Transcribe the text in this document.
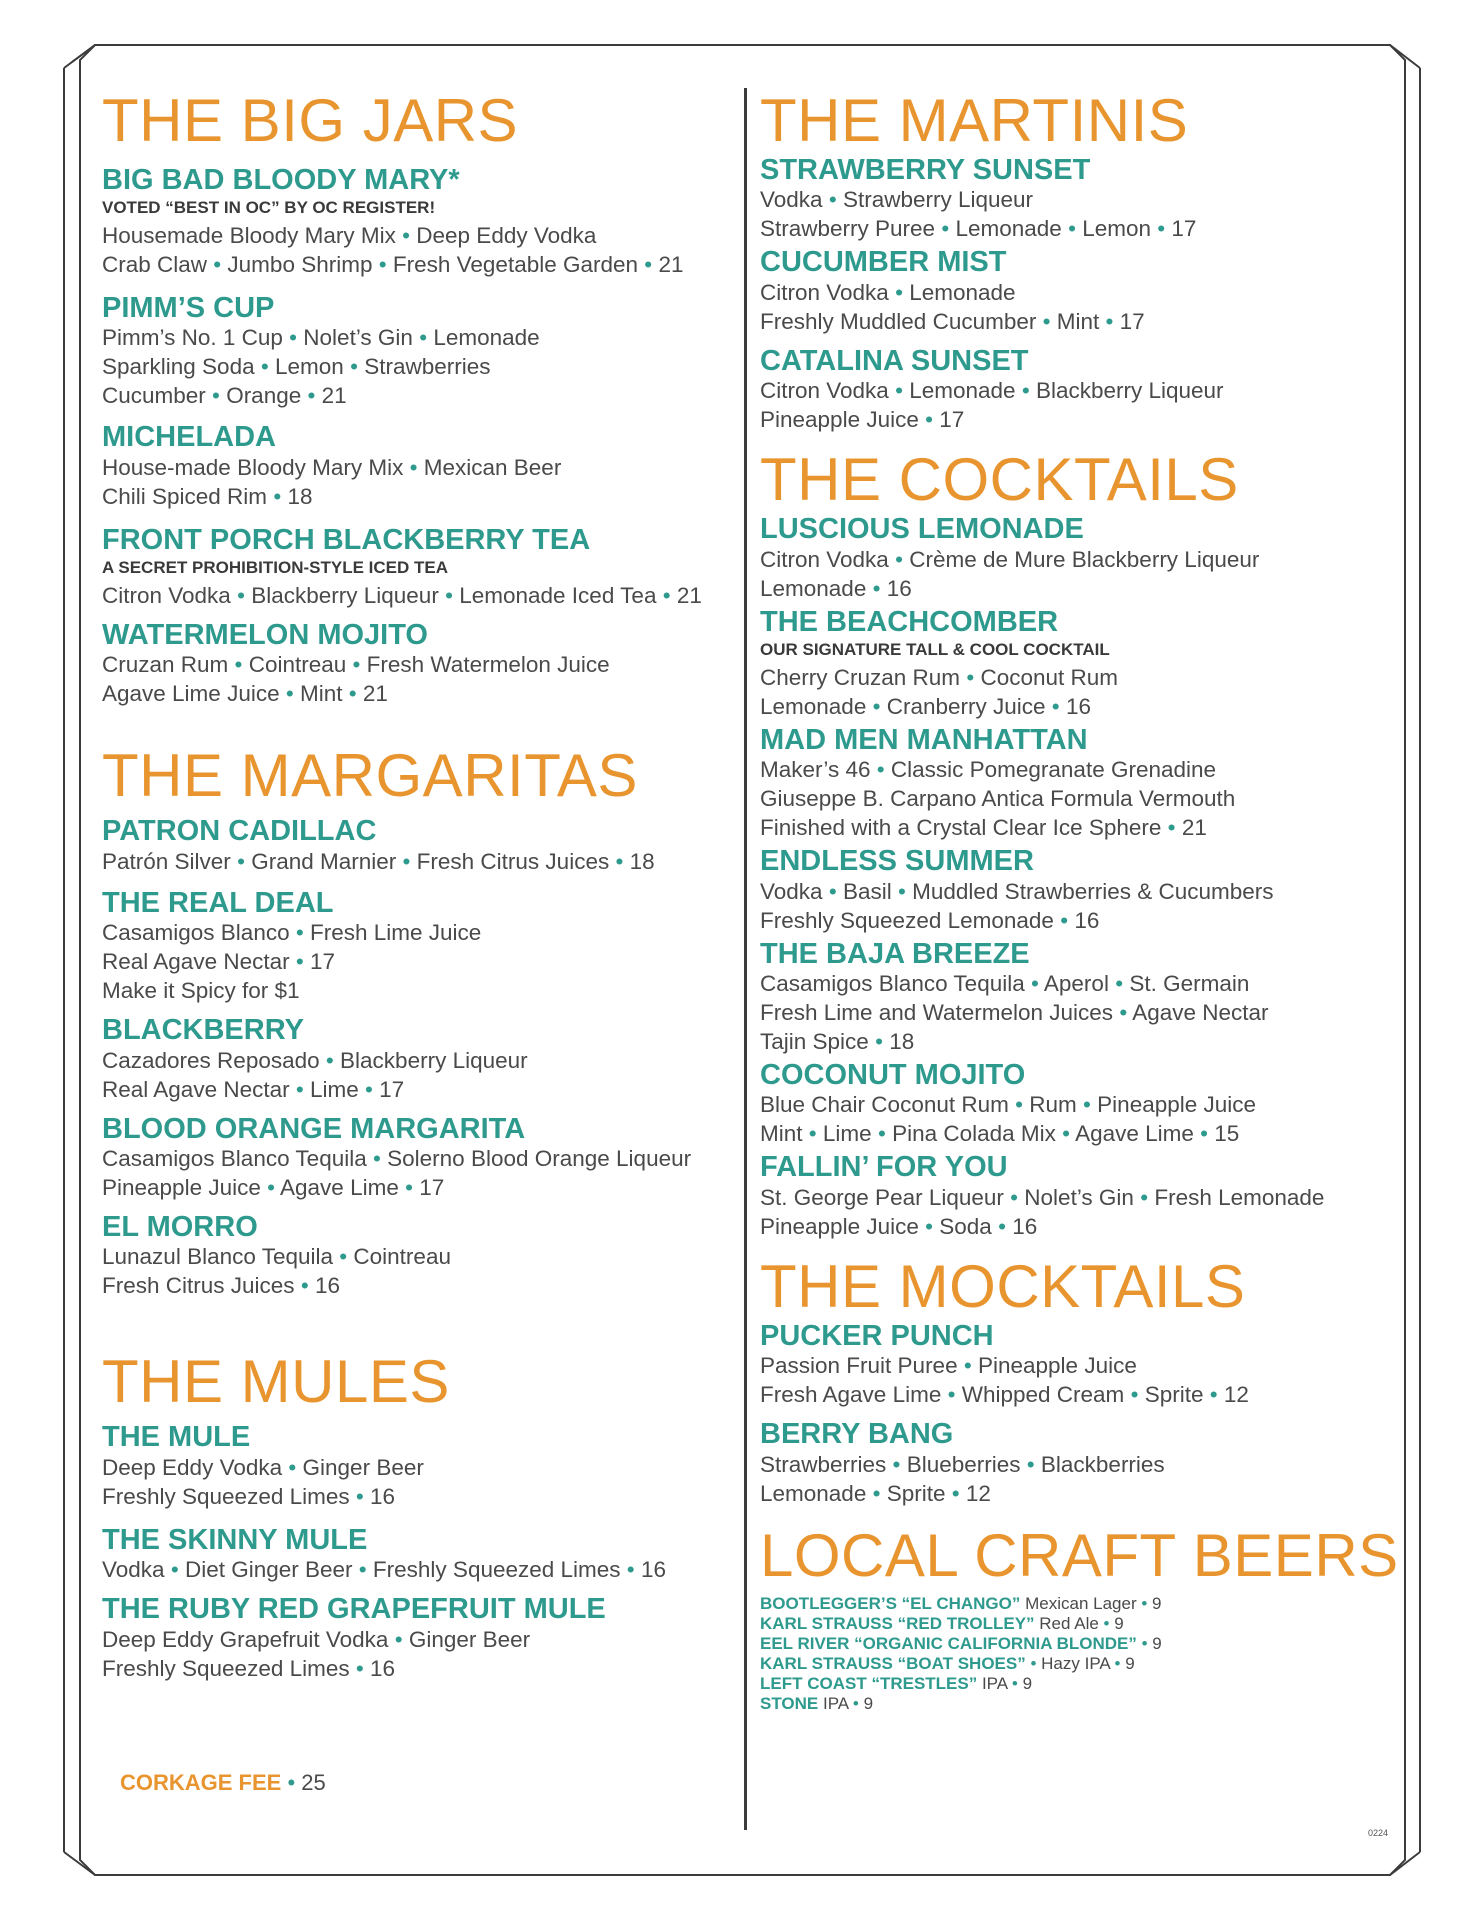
THE BIG JARS
BIG BAD BLOODY MARY*

VOTED “BEST IN OC” BY OC REGISTER!

Housemade Bloody Mary Mix • Deep Eddy Vodka

Crab Claw • Jumbo Shrimp • Fresh Vegetable Garden • 21

PIMM’S CUP

Pimm’s No. 1 Cup • Nolet’s Gin • Lemonade

Sparkling Soda • Lemon • Strawberries

Cucumber • Orange • 21

MICHELADA

House-made Bloody Mary Mix • Mexican Beer

Chili Spiced Rim • 18

FRONT PORCH BLACKBERRY TEA

A SECRET PROHIBITION-STYLE ICED TEA

Citron Vodka • Blackberry Liqueur • Lemonade Iced Tea • 21

WATERMELON MOJITO

Cruzan Rum • Cointreau • Fresh Watermelon Juice

Agave Lime Juice • Mint • 21

THE MARGARITAS
PATRON CADILLAC

Patrón Silver • Grand Marnier • Fresh Citrus Juices • 18

THE REAL DEAL

Casamigos Blanco • Fresh Lime Juice

Real Agave Nectar • 17

Make it Spicy for $1

BLACKBERRY

Cazadores Reposado • Blackberry Liqueur

Real Agave Nectar • Lime • 17

BLOOD ORANGE MARGARITA

Casamigos Blanco Tequila • Solerno Blood Orange Liqueur

Pineapple Juice • Agave Lime • 17

EL MORRO

Lunazul Blanco Tequila • Cointreau

Fresh Citrus Juices • 16

THE MULES
THE MULE

Deep Eddy Vodka • Ginger Beer

Freshly Squeezed Limes • 16

THE SKINNY MULE

Vodka • Diet Ginger Beer • Freshly Squeezed Limes • 16

THE RUBY RED GRAPEFRUIT MULE

Deep Eddy Grapefruit Vodka • Ginger Beer

Freshly Squeezed Limes • 16

THE MARTINIS
STRAWBERRY SUNSET

Vodka • Strawberry Liqueur

Strawberry Puree • Lemonade • Lemon • 17

CUCUMBER MIST

Citron Vodka • Lemonade

Freshly Muddled Cucumber • Mint • 17

CATALINA SUNSET

Citron Vodka • Lemonade • Blackberry Liqueur

Pineapple Juice • 17

THE COCKTAILS
LUSCIOUS LEMONADE

Citron Vodka • Crème de Mure Blackberry Liqueur

Lemonade • 16

THE BEACHCOMBER

OUR SIGNATURE TALL & COOL COCKTAIL

Cherry Cruzan Rum • Coconut Rum

Lemonade • Cranberry Juice • 16

MAD MEN MANHATTAN

Maker’s 46 • Classic Pomegranate Grenadine

Giuseppe B. Carpano Antica Formula Vermouth

Finished with a Crystal Clear Ice Sphere • 21

ENDLESS SUMMER

Vodka • Basil • Muddled Strawberries & Cucumbers

Freshly Squeezed Lemonade • 16

THE BAJA BREEZE

Casamigos Blanco Tequila • Aperol • St. Germain

Fresh Lime and Watermelon Juices • Agave Nectar

Tajin Spice • 18

COCONUT MOJITO

Blue Chair Coconut Rum • Rum • Pineapple Juice

Mint • Lime • Pina Colada Mix • Agave Lime • 15

FALLIN’ FOR YOU

St. George Pear Liqueur • Nolet’s Gin • Fresh Lemonade

Pineapple Juice • Soda • 16

THE MOCKTAILS
PUCKER PUNCH

Passion Fruit Puree • Pineapple Juice

Fresh Agave Lime • Whipped Cream • Sprite • 12

BERRY BANG

Strawberries • Blueberries • Blackberries

Lemonade • Sprite • 12

LOCAL CRAFT BEERS

BOOTLEGGER’S “EL CHANGO” Mexican Lager • 9

KARL STRAUSS “RED TROLLEY” Red Ale • 9

EEL RIVER “ORGANIC CALIFORNIA BLONDE” • 9

KARL STRAUSS “BOAT SHOES” • Hazy IPA • 9

LEFT COAST “TRESTLES” IPA • 9

STONE IPA • 9

CORKAGE FEE • 25
0224
